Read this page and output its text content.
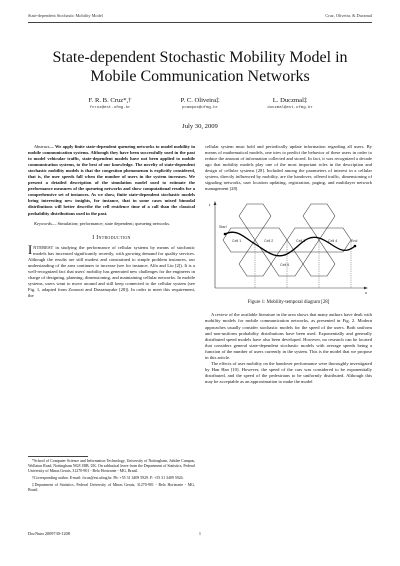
State-dependent Stochastic Mobility Model	Cruz, Oliveira, & Duczmal
State-dependent Stochastic Mobility Model in
Mobile Communication Networks
F. R. B. Cruz*,†
fcruz@est.ufmg.br
P. C. Oliveira‡
pcampos@ufmg.br
L. Duczmal‡
duczmal@est.ufmg.br
July 30, 2009
Abstract— We apply finite state-dependent queueing networks to model mobility in mobile communication systems. Although they have been successfully used in the past to model vehicular traffic, state-dependent models have not been applied to mobile communication systems, to the best of our knowledge. The novelty of state-dependent stochastic mobility models is that the congestion phenomenon is explicitly considered, that is, the user speeds fall when the number of users in the system increases. We present a detailed description of the simulation model used to estimate the performance measures of the queueing networks and show computational results for a comprehensive set of instances. As we show, finite state-dependent stochastic models bring interesting new insights, for instance, that in some cases mixed bimodal distributions will better describe the cell residence time of a call than the classical probability distributions used in the past.
Keywords— Simulation; performance; state dependent; queueing networks.
I Introduction

INTEREST in studying the performance of cellular systems by means of stochastic models has increased significantly recently, with growing demand for quality services. Although the results are still modest and constrained to simple problem instances, our understanding of the area continues to increase (see for instance, Alfa and Liu [2]). It is a well-recognized fact that users' mobility has generated new challenges for the engineers in charge of designing, planning, dimensioning, and maintaining cellular networks. In mobile systems, users want to move around and still keep connected to the cellular system (see Fig. 1, adapted from Zonoozi and Dassanayake [28]). In order to meet this requirement, the

*School of Computer Science and Information Technology, University of Nottingham, Jubilee Campus, Wollaton Road, Nottingham NG8 1BB, UK. On sabbatical leave from the Department of Statistics, Federal University of Minas Gerais, 31270-901 - Belo Horizonte - MG, Brazil.

†Corresponding author. E-mail: fcruz@est.ufmg.br. Ph: +55 31 3409 5929. F: +55 31 3409 5924.

‡Department of Statistics, Federal University of Minas Gerais, 31270-901 - Belo Horizonte - MG, Brazil.

DocNum 2009730-1208	1

cellular system must hold and periodically update information regarding all users. By means of mathematical models, one tries to predict the behavior of these users in order to reduce the amount of information collected and stored. In fact, it was recognized a decade ago that mobility models play one of the most important roles in the description and design of cellular systems [28]. Included among the parameters of interest in a cellular system, directly influenced by mobility, are the handover, offered traffic, dimensioning of signaling networks, user location updating, registration, paging, and multilayer network management [28].

t
x
Cell 1	Cell 2	Cell 3	Cell 4
Cell 5
Start
End
Figure 1: Mobility-temporal diagram [28]

A review of the available literature in the area shows that many authors have dealt with mobility models for mobile communication networks, as presented in Fig. 2. Modern approaches usually consider stochastic models for the speed of the users. Both uniform and non-uniform probability distributions have been used. Exponentially and generally distributed speed models have also been developed. However, no research can be located that considers general state-dependent stochastic models with average speeds being a function of the number of users currently in the system. This is the model that we propose in this article.

The effects of user mobility on the handover performance were thoroughly investigated by Han Han [10]. However, the speed of the cars was considered to be exponentially distributed, and the speed of the pedestrians to be uniformly distributed. Although this may be acceptable as an approximation to make the model
